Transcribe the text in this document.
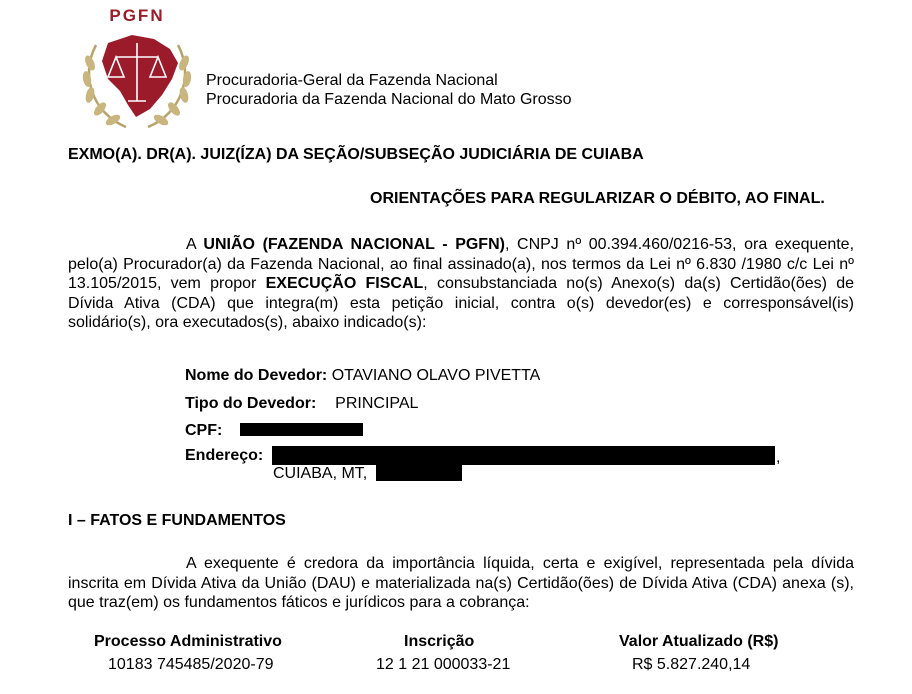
PGFN
Procuradoria-Geral da Fazenda Nacional
Procuradoria da Fazenda Nacional do Mato Grosso
EXMO(A). DR(A). JUIZ(ÍZA) DA SEÇÃO/SUBSEÇÃO JUDICIÁRIA DE CUIABA
ORIENTAÇÕES PARA REGULARIZAR O DÉBITO, AO FINAL.
A UNIÃO (FAZENDA NACIONAL - PGFN), CNPJ nº 00.394.460/0216-53, ora exequente, pelo(a) Procurador(a) da Fazenda Nacional, ao final assinado(a), nos termos da Lei nº 6.830 /1980 c/c Lei nº 13.105/2015, vem propor EXECUÇÃO FISCAL, consubstanciada no(s) Anexo(s) da(s) Certidão(ões) de Dívida Ativa (CDA) que integra(m) esta petição inicial, contra o(s) devedor(es) e corresponsável(is) solidário(s), ora executados(s), abaixo indicado(s):
Nome do Devedor: OTAVIANO OLAVO PIVETTA
Tipo do Devedor: PRINCIPAL
CPF:
Endereço:	,
CUIABA, MT,
I – FATOS E FUNDAMENTOS
A exequente é credora da importância líquida, certa e exigível, representada pela dívida inscrita em Dívida Ativa da União (DAU) e materializada na(s) Certidão(ões) de Dívida Ativa (CDA) anexa (s), que traz(em) os fundamentos fáticos e jurídicos para a cobrança:
Processo Administrativo	Inscrição	Valor Atualizado (R$)
10183 745485/2020-79	12 1 21 000033-21	R$ 5.827.240,14
